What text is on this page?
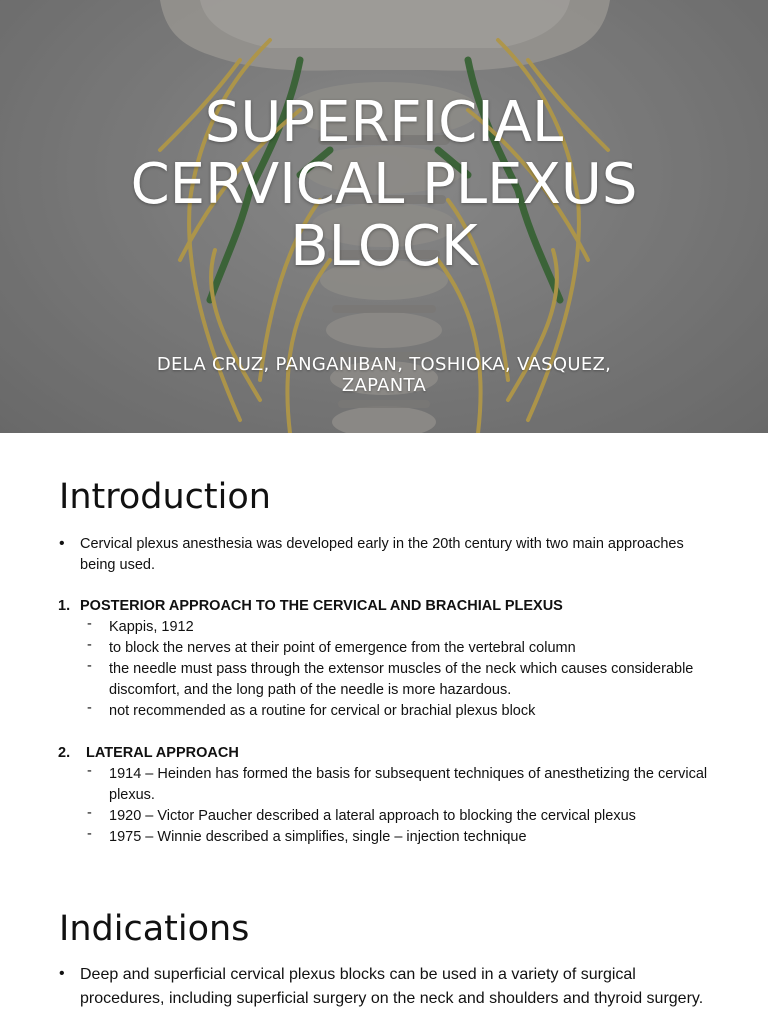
SUPERFICIAL
CERVICAL PLEXUS
BLOCK

DELA CRUZ, PANGANIBAN, TOSHIOKA, VASQUEZ, ZAPANTA

Introduction
• Cervical plexus anesthesia was developed early in the 20th century with two main approaches being used.
1. POSTERIOR APPROACH TO THE CERVICAL AND BRACHIAL PLEXUS
- Kappis, 1912
- to block the nerves at their point of emergence from the vertebral column
- the needle must pass through the extensor muscles of the neck which causes considerable discomfort, and the long path of the needle is more hazardous.
- not recommended as a routine for cervical or brachial plexus block
2. LATERAL APPROACH
- 1914 – Heinden has formed the basis for subsequent techniques of anesthetizing the cervical plexus.
- 1920 – Victor Paucher described a lateral approach to blocking the cervical plexus
- 1975 – Winnie described a simplifies, single – injection technique
Indications
• Deep and superficial cervical plexus blocks can be used in a variety of surgical procedures, including superficial surgery on the neck and shoulders and thyroid surgery.
